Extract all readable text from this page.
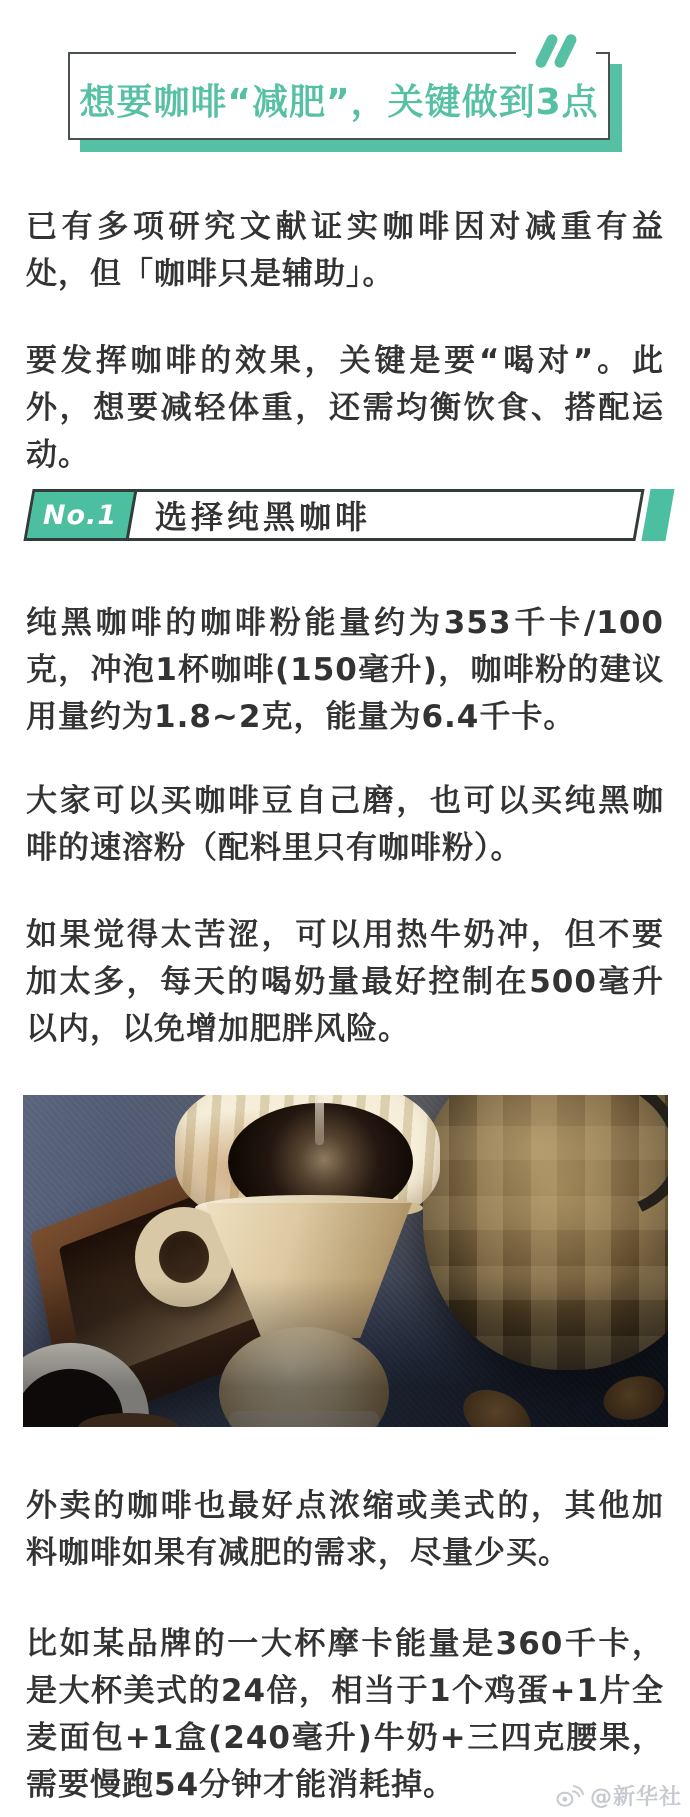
想要咖啡“减肥”，关键做到3点
已有多项研究文献证实咖啡因对减重有益处，但「咖啡只是辅助」。
要发挥咖啡的效果，关键是要“喝对”。此外，想要减轻体重，还需均衡饮食、搭配运动。
No.1 选择纯黑咖啡
纯黑咖啡的咖啡粉能量约为353千卡/100克，冲泡1杯咖啡(150毫升)，咖啡粉的建议用量约为1.8~2克，能量为6.4千卡。
大家可以买咖啡豆自己磨，也可以买纯黑咖啡的速溶粉（配料里只有咖啡粉）。
如果觉得太苦涩，可以用热牛奶冲，但不要加太多，每天的喝奶量最好控制在500毫升以内，以免增加肥胖风险。
外卖的咖啡也最好点浓缩或美式的，其他加料咖啡如果有减肥的需求，尽量少买。
比如某品牌的一大杯摩卡能量是360千卡，是大杯美式的24倍，相当于1个鸡蛋+1片全麦面包+1盒(240毫升)牛奶+三四克腰果，需要慢跑54分钟才能消耗掉。	@新华社
